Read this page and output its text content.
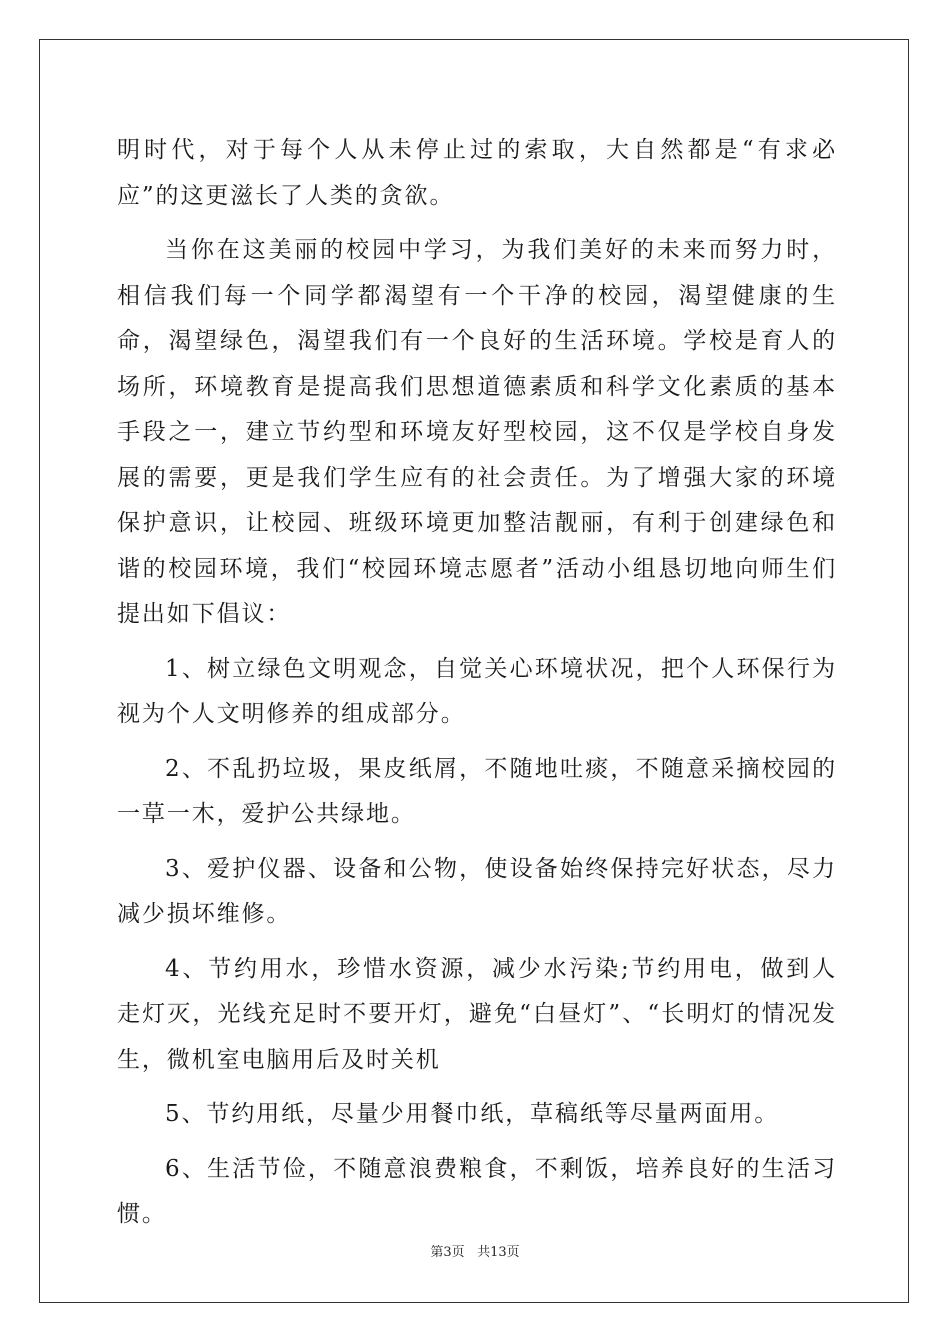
明时代，对于每个人从未停止过的索取，大自然都是“有求必应”的这更滋长了人类的贪欲。

当你在这美丽的校园中学习，为我们美好的未来而努力时，相信我们每一个同学都渴望有一个干净的校园，渴望健康的生命，渴望绿色，渴望我们有一个良好的生活环境。学校是育人的场所，环境教育是提高我们思想道德素质和科学文化素质的基本手段之一，建立节约型和环境友好型校园，这不仅是学校自身发展的需要，更是我们学生应有的社会责任。为了增强大家的环境保护意识，让校园、班级环境更加整洁靓丽，有利于创建绿色和谐的校园环境，我们“校园环境志愿者”活动小组恳切地向师生们提出如下倡议：

1、树立绿色文明观念，自觉关心环境状况，把个人环保行为视为个人文明修养的组成部分。

2、不乱扔垃圾，果皮纸屑，不随地吐痰，不随意采摘校园的一草一木，爱护公共绿地。

3、爱护仪器、设备和公物，使设备始终保持完好状态，尽力减少损坏维修。

4、节约用水，珍惜水资源，减少水污染;节约用电，做到人走灯灭，光线充足时不要开灯，避免“白昼灯”、“长明灯的情况发生，微机室电脑用后及时关机

5、节约用纸，尽量少用餐巾纸，草稿纸等尽量两面用。

6、生活节俭，不随意浪费粮食，不剩饭，培养良好的生活习惯。

第3页 共13页
